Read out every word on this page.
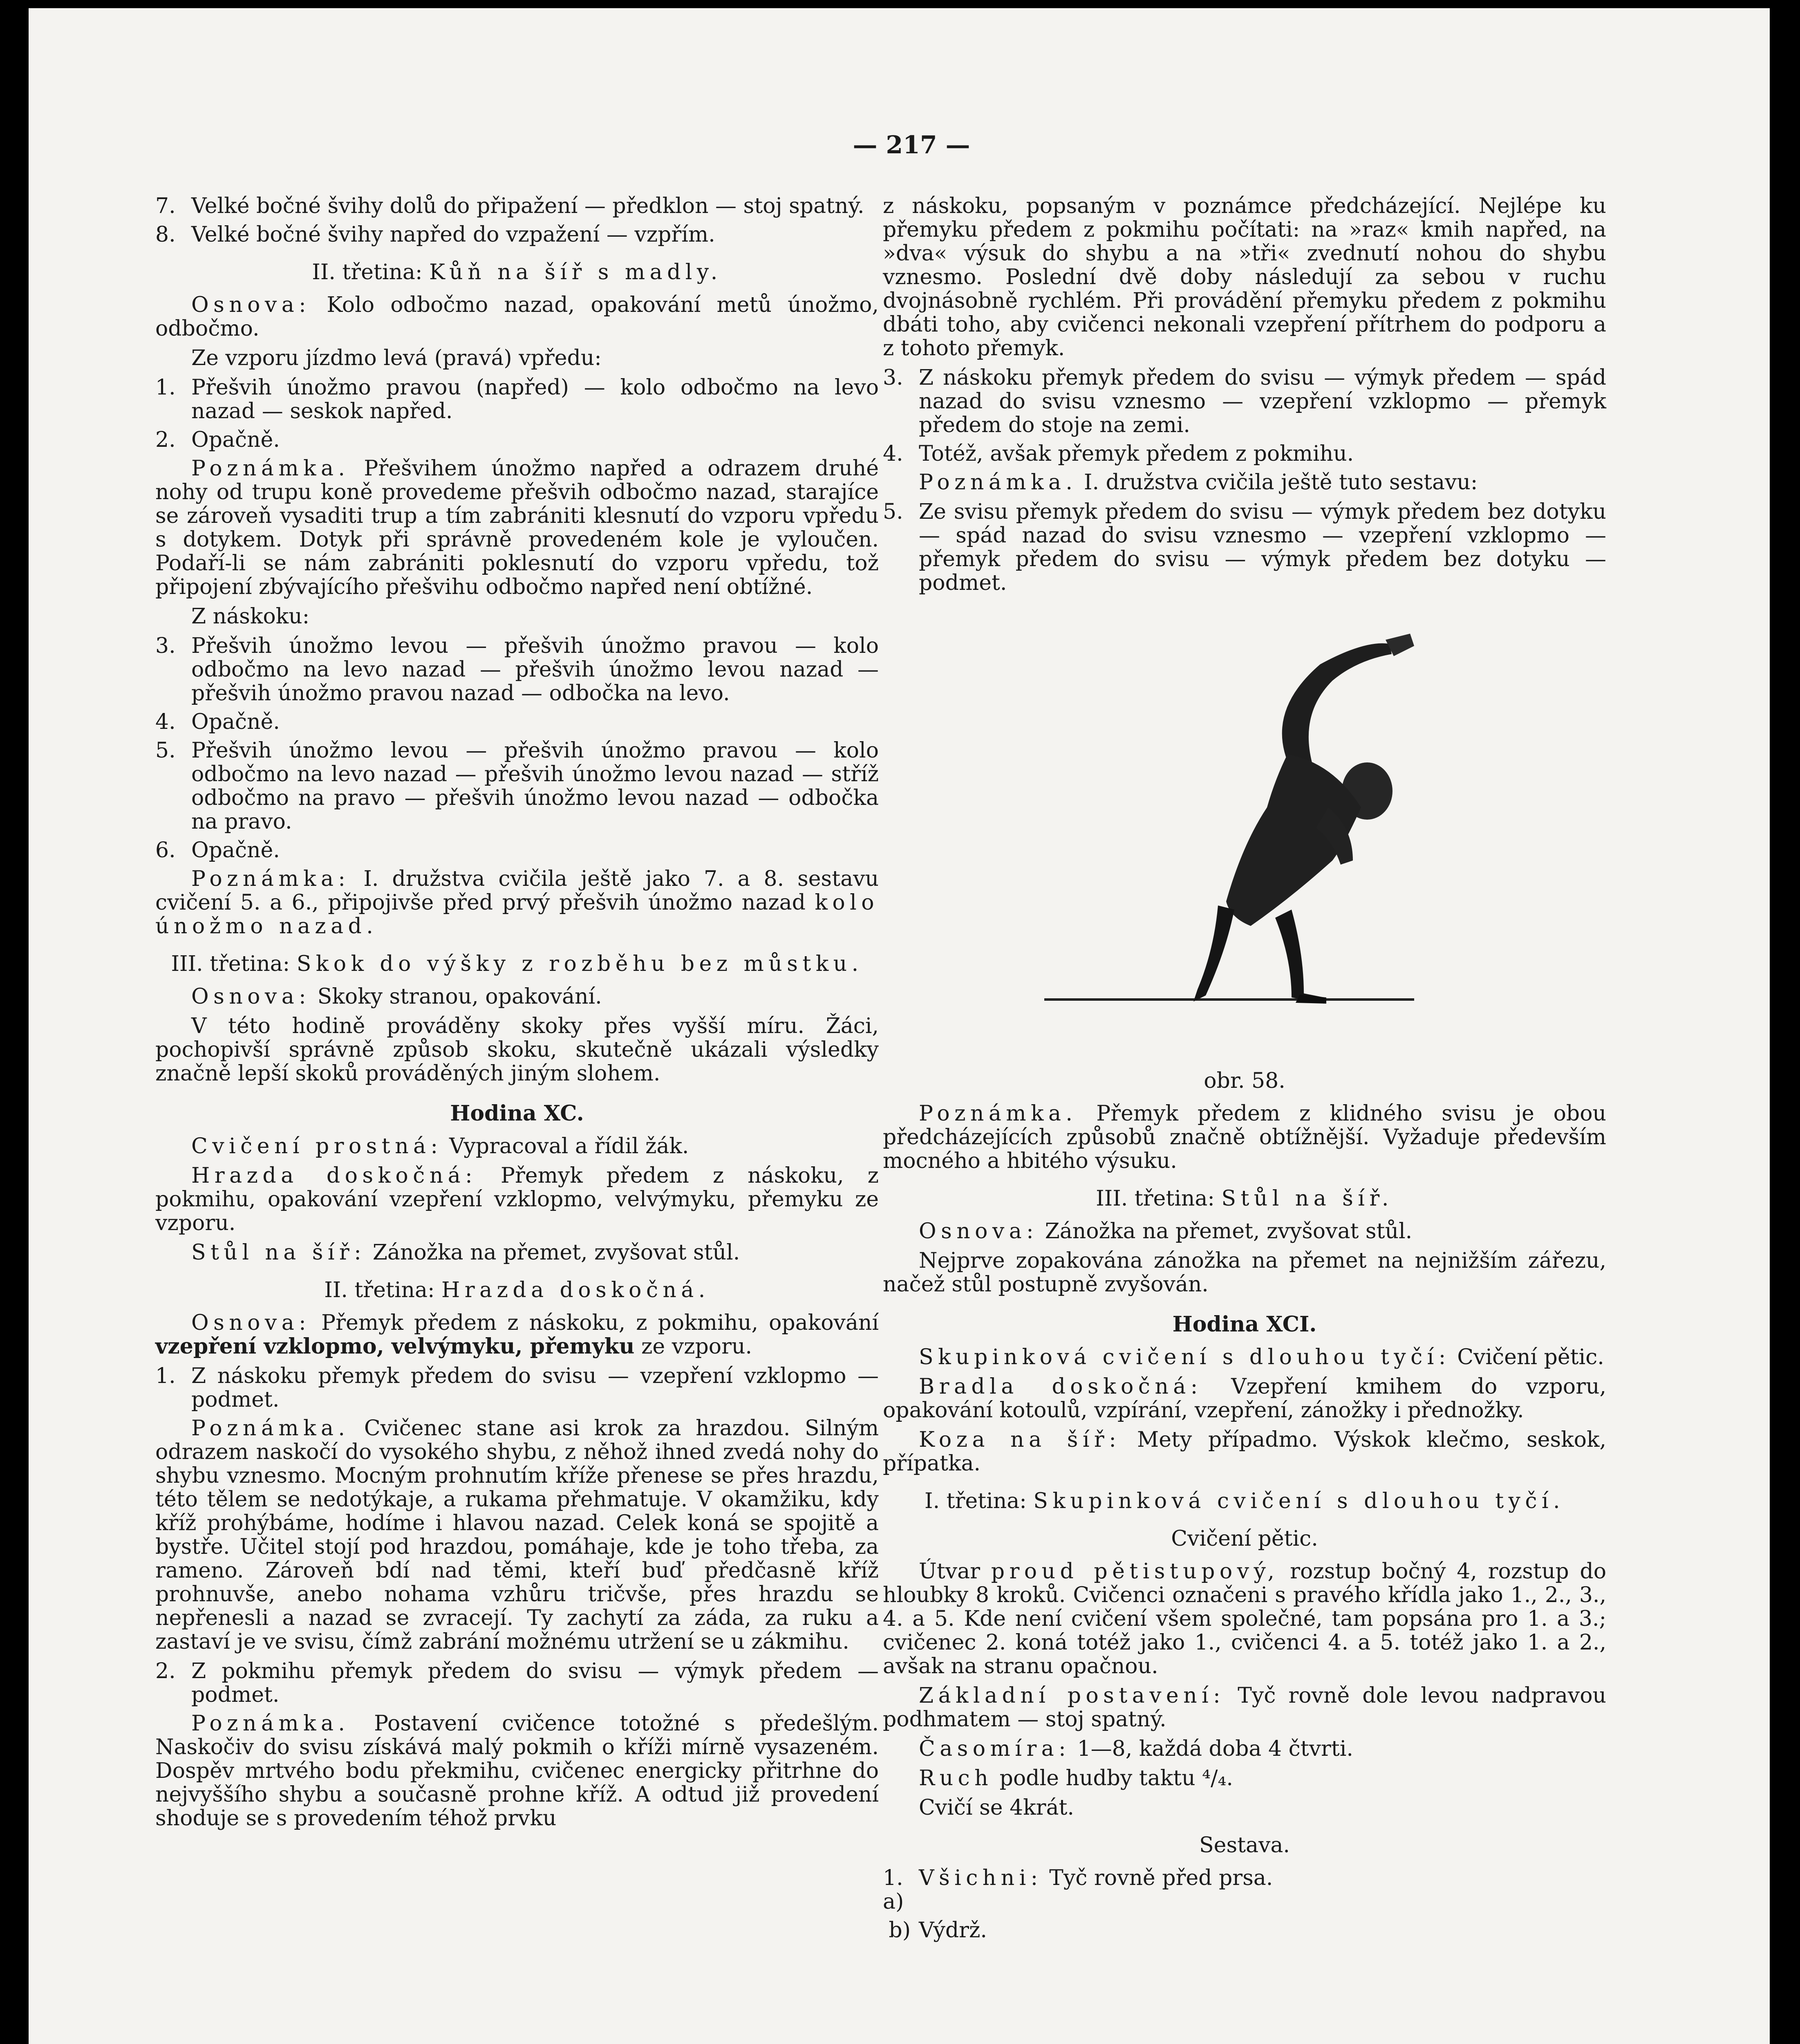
— 217 —
7. Velké bočné švihy dolů do připažení — předklon — stoj spatný.
8. Velké bočné švihy napřed do vzpažení — vzpřím.
II. třetina: Kůň na šíř s madly.

Osnova: Kolo odbočmo nazad, opakování metů únožmo, odbočmo.

Ze vzporu jízdmo levá (pravá) vpředu:

1. Přešvih únožmo pravou (napřed) — kolo odbočmo na levo nazad — seskok napřed.
2. Opačně.

Poznámka. Přešvihem únožmo napřed a odrazem druhé nohy od trupu koně provedeme přešvih odbočmo nazad, starajíce se zároveň vysaditi trup a tím zabrániti klesnutí do vzporu vpředu s dotykem. Dotyk při správně provedeném kole je vyloučen. Podaří-li se nám zabrániti poklesnutí do vzporu vpředu, tož připojení zbývajícího přešvihu odbočmo napřed není obtížné.

Z náskoku:

3. Přešvih únožmo levou — přešvih únožmo pravou — kolo odbočmo na levo nazad — přešvih únožmo levou nazad — přešvih únožmo pravou nazad — odbočka na levo.
4. Opačně.
5. Přešvih únožmo levou — přešvih únožmo pravou — kolo odbočmo na levo nazad — přešvih únožmo levou nazad — stříž odbočmo na pravo — přešvih únožmo levou nazad — odbočka na pravo.
6. Opačně.

Poznámka: I. družstva cvičila ještě jako 7. a 8. sestavu cvičení 5. a 6., připojivše před prvý přešvih únožmo nazad kolo únožmo nazad.

III. třetina: Skok do výšky z rozběhu bez můstku.

Osnova: Skoky stranou, opakování.

V této hodině prováděny skoky přes vyšší míru. Žáci, pochopivší správně způsob skoku, skutečně ukázali výsledky značně lepší skoků prováděných jiným slohem.

Hodina XC.

Cvičení prostná: Vypracoval a řídil žák.

Hrazda doskočná: Přemyk předem z náskoku, z pokmihu, opakování vzepření vzklopmo, velvýmyku, přemyku ze vzporu.

Stůl na šíř: Zánožka na přemet, zvyšovat stůl.

II. třetina: Hrazda doskočná.

Osnova: Přemyk předem z náskoku, z pokmihu, opakování vzepření vzklopmo, velvýmyku, přemyku ze vzporu.

1. Z náskoku přemyk předem do svisu — vzepření vzklopmo — podmet.

Poznámka. Cvičenec stane asi krok za hrazdou. Silným odrazem naskočí do vysokého shybu, z něhož ihned zvedá nohy do shybu vznesmo. Mocným prohnutím kříže přenese se přes hrazdu, této tělem se nedotýkaje, a rukama přehmatuje. V okamžiku, kdy kříž prohýbáme, hodíme i hlavou nazad. Celek koná se spojitě a bystře. Učitel stojí pod hrazdou, pomáhaje, kde je toho třeba, za rameno. Zároveň bdí nad těmi, kteří buď předčasně kříž prohnuvše, anebo nohama vzhůru tričvše, přes hrazdu se nepřenesli a nazad se zvracejí. Ty zachytí za záda, za ruku a zastaví je ve svisu, čímž zabrání možnému utržení se u zákmihu.

2. Z pokmihu přemyk předem do svisu — výmyk předem — podmet.

Poznámka. Postavení cvičence totožné s předešlým. Naskočiv do svisu získává malý pokmih o kříži mírně vysazeném. Dospěv mrtvého bodu překmihu, cvičenec energicky přitrhne do nejvyššího shybu a současně prohne kříž. A odtud již provedení shoduje se s provedením téhož prvku

z náskoku, popsaným v poznámce předcházející. Nejlépe ku přemyku předem z pokmihu počítati: na »raz« kmih napřed, na »dva« výsuk do shybu a na »tři« zvednutí nohou do shybu vznesmo. Poslední dvě doby následují za sebou v ruchu dvojnásobně rychlém. Při provádění přemyku předem z pokmihu dbáti toho, aby cvičenci nekonali vzepření přítrhem do podporu a z tohoto přemyk.

3. Z náskoku přemyk předem do svisu — výmyk předem — spád nazad do svisu vznesmo — vzepření vzklopmo — přemyk předem do stoje na zemi.
4. Totéž, avšak přemyk předem z pokmihu.

Poznámka. I. družstva cvičila ještě tuto sestavu:

5. Ze svisu přemyk předem do svisu — výmyk předem bez dotyku — spád nazad do svisu vznesmo — vzepření vzklopmo — přemyk předem do svisu — výmyk předem bez dotyku — podmet.
obr. 58.

Poznámka. Přemyk předem z klidného svisu je obou předcházejících způsobů značně obtížnější. Vyžaduje především mocného a hbitého výsuku.

III. třetina: Stůl na šíř.

Osnova: Zánožka na přemet, zvyšovat stůl.

Nejprve zopakována zánožka na přemet na nejnižším zářezu, načež stůl postupně zvyšován.

Hodina XCI.

Skupinková cvičení s dlouhou tyčí: Cvičení pětic.

Bradla doskočná: Vzepření kmihem do vzporu, opakování kotoulů, vzpírání, vzepření, zánožky i přednožky.

Koza na šíř: Mety případmo. Výskok klečmo, seskok, přípatka.

I. třetina: Skupinková cvičení s dlouhou tyčí.
Cvičení pětic.

Útvar proud pětistupový, rozstup bočný 4, rozstup do hloubky 8 kroků. Cvičenci označeni s pravého křídla jako 1., 2., 3., 4. a 5. Kde není cvičení všem společné, tam popsána pro 1. a 3.; cvičenec 2. koná totéž jako 1., cvičenci 4. a 5. totéž jako 1. a 2., avšak na stranu opačnou.

Základní postavení: Tyč rovně dole levou nadpravou podhmatem — stoj spatný.

Časomíra: 1—8, každá doba 4 čtvrti.

Ruch podle hudby taktu ⁴/₄.

Cvičí se 4krát.

Sestava.
1. a)
Všichni: Tyč rovně před prsa.
b) Výdrž.
